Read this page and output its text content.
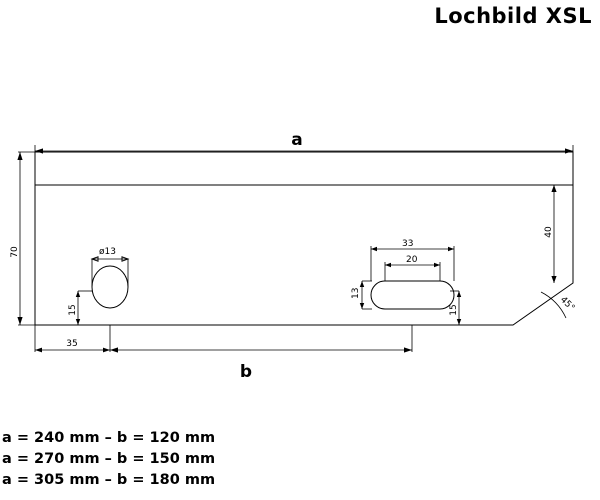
Lochbild XSL
ø13
33
20
13
a
b
70
40
15	15
35
45°
a = 240 mm – b = 120 mm
a = 270 mm – b = 150 mm
a = 305 mm – b = 180 mm
